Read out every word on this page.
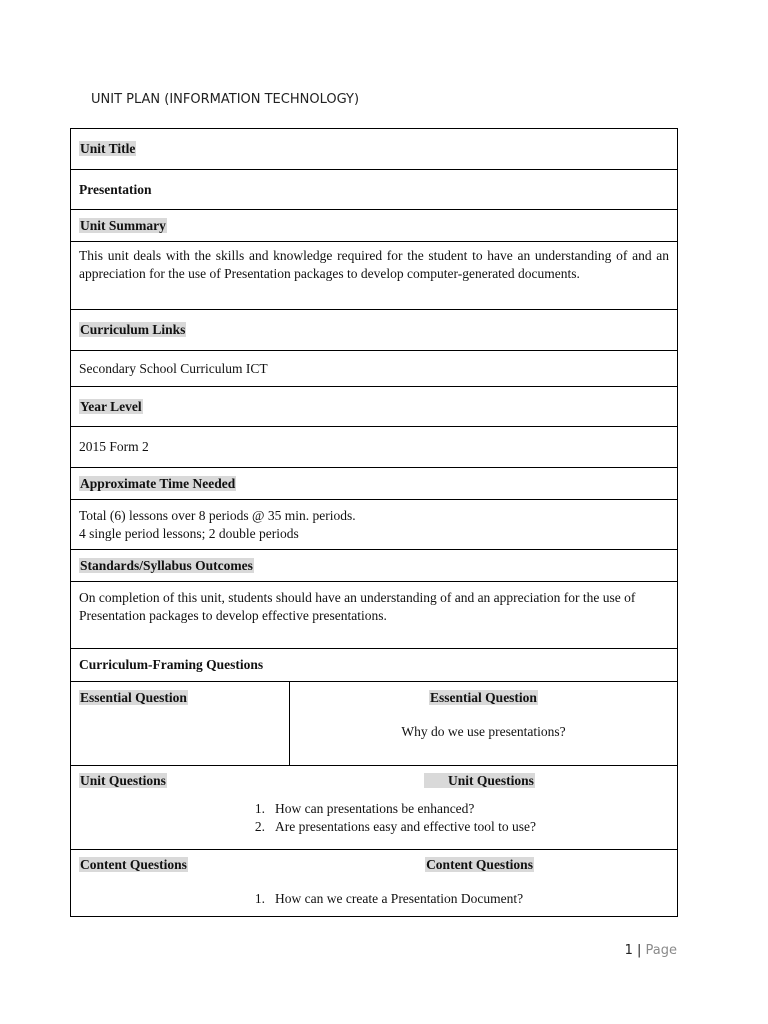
UNIT PLAN (INFORMATION TECHNOLOGY)
Unit Title
Presentation
Unit Summary
This unit deals with the skills and knowledge required for the student to have an understanding of and an appreciation for the use of Presentation packages to develop computer-generated documents.
Curriculum Links
Secondary School Curriculum ICT
Year Level
2015 Form 2
Approximate Time Needed

Total (6) lessons over 8 periods @ 35 min. periods.
4 single period lessons; 2 double periods

Standards/Syllabus Outcomes
On completion of this unit, students should have an understanding of and an appreciation for the use of Presentation packages to develop effective presentations.
Curriculum-Framing Questions
Essential Question	Essential Question
Why do we use presentations?

Unit Questions	Unit Questions
1. How can presentations be enhanced?
2. Are presentations easy and effective tool to use?

Content Questions	Content Questions
1. How can we create a Presentation Document?
1 | Page
